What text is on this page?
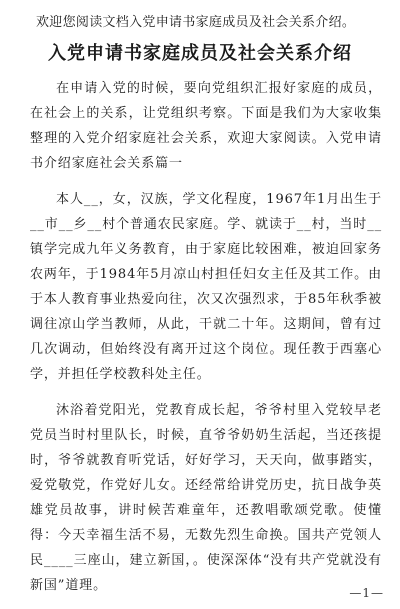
欢迎您阅读文档入党申请书家庭成员及社会关系介绍。
入党申请书家庭成员及社会关系介绍

在申请入党的时候，要向党组织汇报好家庭的成员，在社会上的关系，让党组织考察。下面是我们为大家收集整理的入党介绍家庭社会关系，欢迎大家阅读。入党申请书介绍家庭社会关系篇一

本人__，女，汉族，学文化程度，1967年1月出生于__市__乡__村个普通农民家庭。学、就读于__村，当时__镇学完成九年义务教育，由于家庭比较困难，被迫回家务农两年，于1984年5月凉山村担任妇女主任及其工作。由于本人教育事业热爱向往，次又次强烈求，于85年秋季被调往凉山学当教师，从此，干就二十年。这期间，曾有过几次调动，但始终没有离开过这个岗位。现任教于西塞心学，并担任学校教科处主任。

沐浴着党阳光，党教育成长起，爷爷村里入党较早老党员当时村里队长，时候，直爷爷奶奶生活起，当还孩提时，爷爷就教育听党话，好好学习，天天向，做事踏实，爱党敬党，作党好儿女。还经常给讲党历史，抗日战争英雄党员故事，讲时候苦难童年，还教唱歌颂党歌。使懂得：今天幸福生活不易，无数先烈生命换。国共产党领人民____三座山，建立新国，。使深深体“没有共产党就没有新国”道理。	—1—
